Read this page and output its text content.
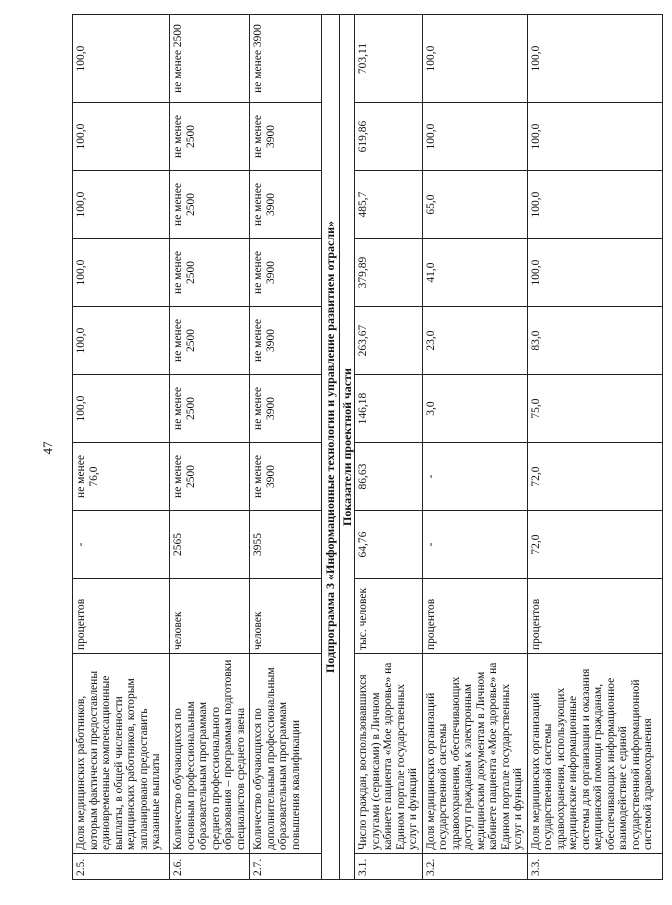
47
2.5.	Доля медицинских работников, которым фактически предоставлены единовременные компенсационные выплаты, в общей численности медицинских работников, которым запланировано предоставить указанные выплаты	процентов	-	не менее 76,0	100,0	100,0	100,0	100,0	100,0	100,0
2.6.	Количество обучающихся по основным профессиональным образовательным программам среднего профессионального образования – программам подготовки специалистов среднего звена	человек	2565	не менее 2500	не менее 2500	не менее 2500	не менее 2500	не менее 2500	не менее 2500	не менее 2500
2.7.	Количество обучающихся по дополнительным профессиональным образовательным программам повышения квалификации	человек	3955	не менее 3900	не менее 3900	не менее 3900	не менее 3900	не менее 3900	не менее 3900	не менее 3900
Подпрограмма 3 «Информационные технологии и управление развитием отрасли»										
Показатели проектной части										
3.1.	Число граждан, воспользовавшихся услугами (сервисами) в Личном кабинете пациента «Мое здоровье» на Едином портале государственных услуг и функций	тыс. человек	64,76	86,63	146,18	263,67	379,89	485,7	619,86	703,11
3.2.	Доля медицинских организаций государственной системы здравоохранения, обеспечивающих доступ гражданам к электронным медицинским документам в Личном кабинете пациента «Мое здоровье» на Едином портале государственных услуг и функций	процентов	-	-	3,0	23,0	41,0	65,0	100,0	100,0
3.3.	Доля медицинских организаций государственной системы здравоохранения, использующих медицинские информационные системы для организации и оказания медицинской помощи гражданам, обеспечивающих информационное взаимодействие с единой государственной информационной системой здравоохранения	процентов	72,0	72,0	75,0	83,0	100,0	100,0	100,0	100,0
